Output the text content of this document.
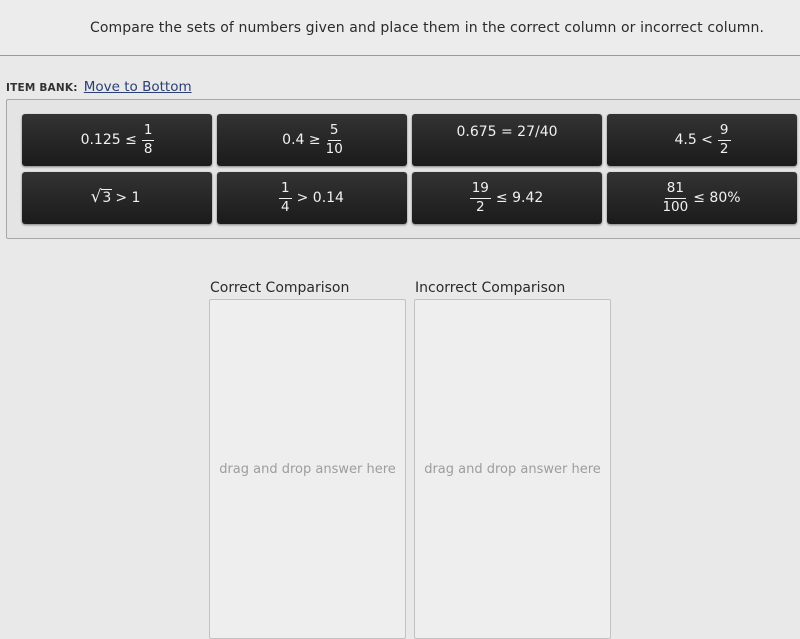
Compare the sets of numbers given and place them in the correct column or incorrect column.
ITEM BANK: Move to Bottom
$0.125 \le \frac{1}{8}$	$0.4 \ge \frac{5}{10}$	0.675 = 27/40	$4.5 < \frac{9}{2}$
√ 3 > 1	$\frac{1}{4} > 0.14$	$\frac{19}{2} \le 9.42$	$\frac{81}{100} \le 80\%$
Correct Comparison
drag and drop answer here
Incorrect Comparison
drag and drop answer here
